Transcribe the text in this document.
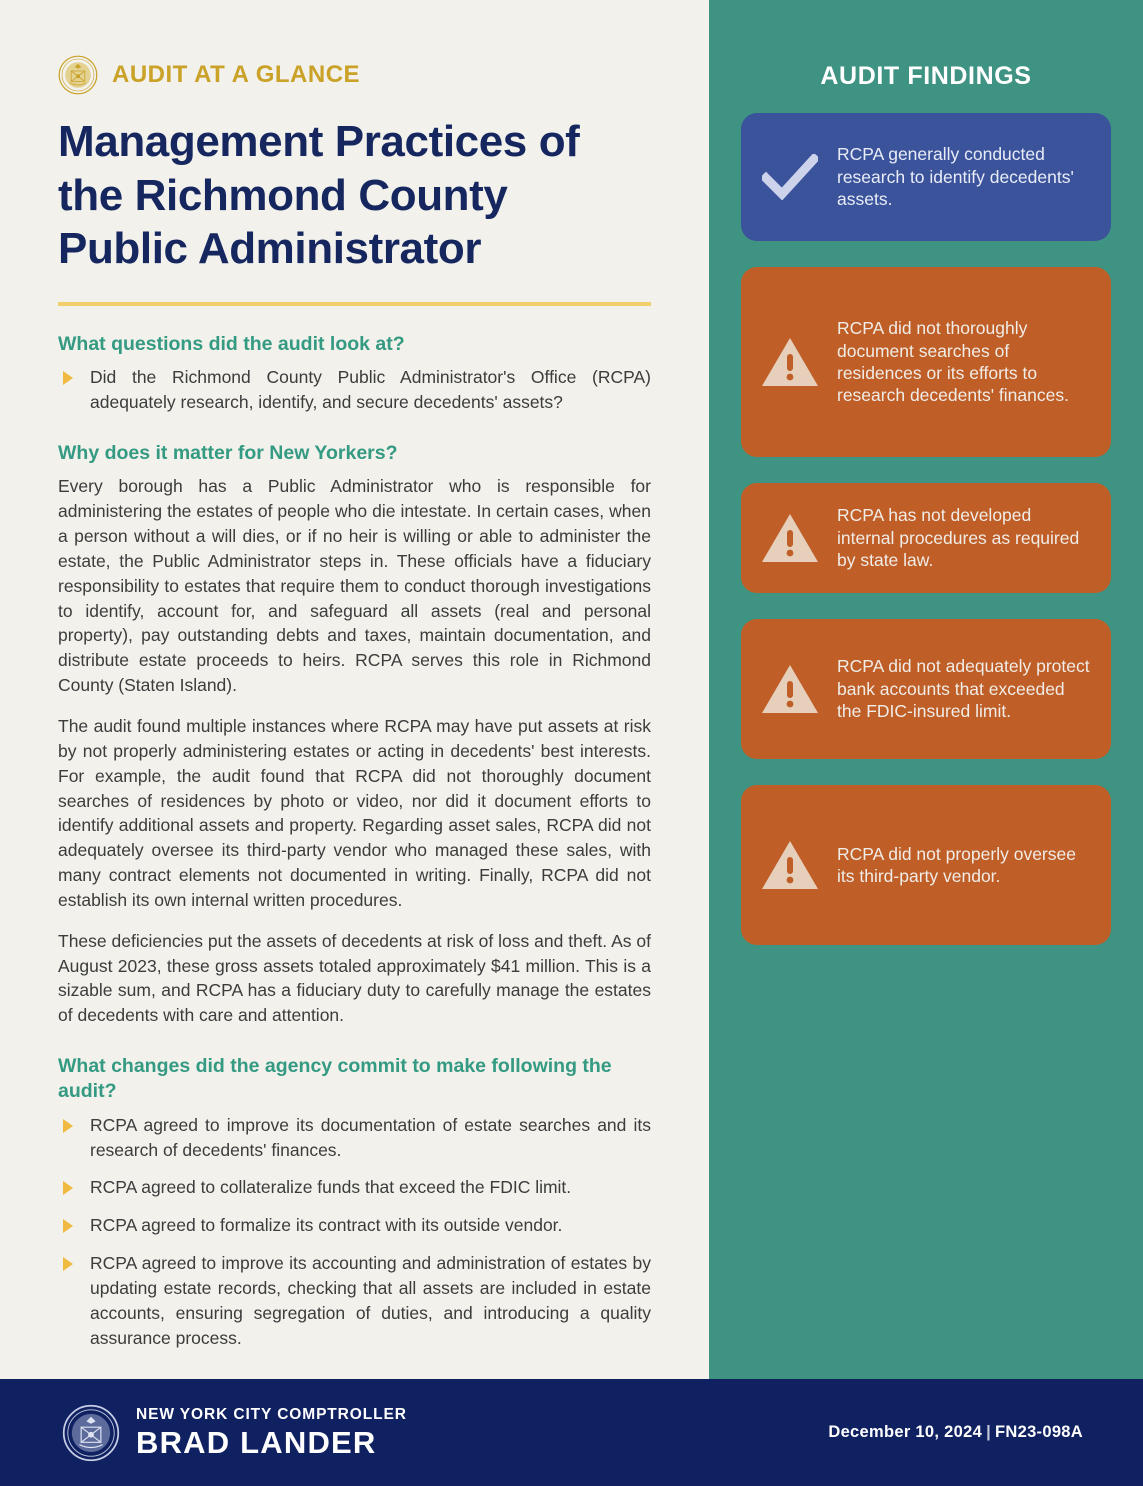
AUDIT AT A GLANCE
Management Practices of
the Richmond County
Public Administrator
What questions did the audit look at?
Did the Richmond County Public Administrator's Office (RCPA) adequately research, identify, and secure decedents' assets?
Why does it matter for New Yorkers?

Every borough has a Public Administrator who is responsible for administering the estates of people who die intestate. In certain cases, when a person without a will dies, or if no heir is willing or able to administer the estate, the Public Administrator steps in. These officials have a fiduciary responsibility to estates that require them to conduct thorough investigations to identify, account for, and safeguard all assets (real and personal property), pay outstanding debts and taxes, maintain documentation, and distribute estate proceeds to heirs. RCPA serves this role in Richmond County (Staten Island).

The audit found multiple instances where RCPA may have put assets at risk by not properly administering estates or acting in decedents' best interests. For example, the audit found that RCPA did not thoroughly document searches of residences by photo or video, nor did it document efforts to identify additional assets and property. Regarding asset sales, RCPA did not adequately oversee its third-party vendor who managed these sales, with many contract elements not documented in writing. Finally, RCPA did not establish its own internal written procedures.

These deficiencies put the assets of decedents at risk of loss and theft. As of August 2023, these gross assets totaled approximately $41 million. This is a sizable sum, and RCPA has a fiduciary duty to carefully manage the estates of decedents with care and attention.

What changes did the agency commit to make following the audit?
RCPA agreed to improve its documentation of estate searches and its research of decedents' finances.
RCPA agreed to collateralize funds that exceed the FDIC limit.
RCPA agreed to formalize its contract with its outside vendor.
RCPA agreed to improve its accounting and administration of estates by updating estate records, checking that all assets are included in estate accounts, ensuring segregation of duties, and introducing a quality assurance process.
AUDIT FINDINGS
RCPA generally conducted research to identify decedents' assets.
RCPA did not thoroughly document searches of residences or its efforts to research decedents' finances.
RCPA has not developed internal procedures as required by state law.
RCPA did not adequately protect bank accounts that exceeded the FDIC-insured limit.
RCPA did not properly oversee its third-party vendor.
NEW YORK CITY COMPTROLLER
BRAD LANDER	December 10, 2024 | FN23-098A
